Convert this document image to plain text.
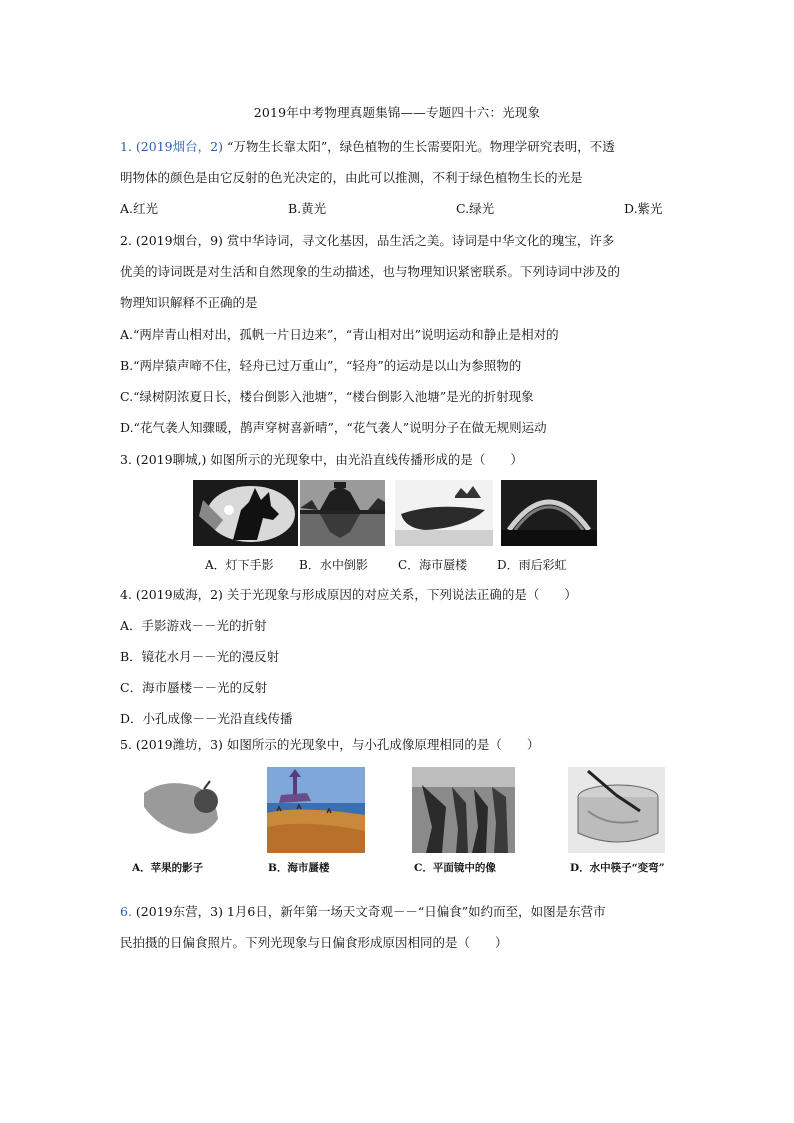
2019年中考物理真题集锦——专题四十六：光现象
1. (2019烟台，2) “万物生长靠太阳”，绿色植物的生长需要阳光。物理学研究表明，不透
明物体的颜色是由它反射的色光决定的，由此可以推测，不利于绿色植物生长的光是
A.红光	B.黄光	C.绿光	D.紫光
2. (2019烟台，9) 赏中华诗词，寻文化基因，品生活之美。诗词是中华文化的瑰宝，许多
优美的诗词既是对生活和自然现象的生动描述，也与物理知识紧密联系。下列诗词中涉及的
物理知识解释不正确的是
A.“两岸青山相对出，孤帆一片日边来”，“青山相对出”说明运动和静止是相对的
B.“两岸猿声啼不住，轻舟已过万重山”，“轻舟”的运动是以山为参照物的
C.“绿树阴浓夏日长，楼台倒影入池塘”，“楼台倒影入池塘”是光的折射现象
D.“花气袭人知骤暖，鹊声穿树喜新晴”，“花气袭人”说明分子在做无规则运动
3. (2019聊城,) 如图所示的光现象中，由光沿直线传播形成的是（　　）
A．灯下手影 B．水中倒影	C．海市蜃楼 D．雨后彩虹
4. (2019威海，2) 关于光现象与形成原因的对应关系，下列说法正确的是（　　）
A．手影游戏－－光的折射
B．镜花水月－－光的漫反射
C．海市蜃楼－－光的反射
D．小孔成像－－光沿直线传播
5. (2019潍坊，3) 如图所示的光现象中，与小孔成像原理相同的是（　　）
A．苹果的影子	B．海市蜃楼	C．平面镜中的像	D．水中筷子“变弯”
6. (2019东营，3) 1月6日，新年第一场天文奇观－－“日偏食”如约而至，如图是东营市
民拍摄的日偏食照片。下列光现象与日偏食形成原因相同的是（　　）
